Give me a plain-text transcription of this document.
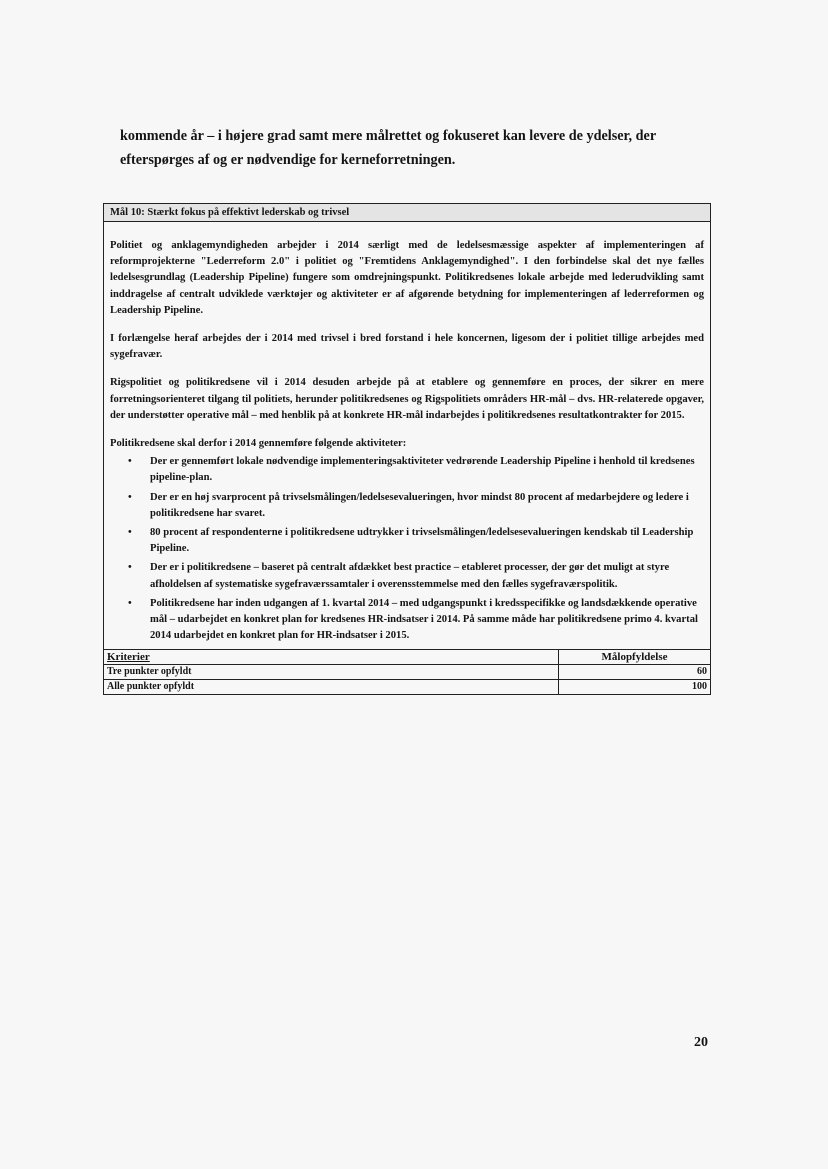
kommende år – i højere grad samt mere målrettet og fokuseret kan levere de ydelser, der efterspørges af og er nødvendige for kerneforretningen.
Mål 10: Stærkt fokus på effektivt lederskab og trivsel

Politiet og anklagemyndigheden arbejder i 2014 særligt med de ledelsesmæssige aspekter af implementeringen af reformprojekterne "Lederreform 2.0" i politiet og "Fremtidens Anklagemyndighed". I den forbindelse skal det nye fælles ledelsesgrundlag (Leadership Pipeline) fungere som omdrejningspunkt. Politikredsenes lokale arbejde med lederudvikling samt inddragelse af centralt udviklede værktøjer og aktiviteter er af afgørende betydning for implementeringen af lederreformen og Leadership Pipeline.

I forlængelse heraf arbejdes der i 2014 med trivsel i bred forstand i hele koncernen, ligesom der i politiet tillige arbejdes med sygefravær.

Rigspolitiet og politikredsene vil i 2014 desuden arbejde på at etablere og gennemføre en proces, der sikrer en mere forretningsorienteret tilgang til politiets, herunder politikredsenes og Rigspolitiets områders HR-mål – dvs. HR-relaterede opgaver, der understøtter operative mål – med henblik på at konkrete HR-mål indarbejdes i politikredsenes resultatkontrakter for 2015.

Politikredsene skal derfor i 2014 gennemføre følgende aktiviteter:

• Der er gennemført lokale nødvendige implementeringsaktiviteter vedrørende Leadership Pipeline i henhold til kredsenes pipeline-plan.
• Der er en høj svarprocent på trivselsmålingen/ledelsesevalueringen, hvor mindst 80 procent af medarbejdere og ledere i politikredsene har svaret.
• 80 procent af respondenterne i politikredsene udtrykker i trivselsmålingen/ledelsesevalueringen kendskab til Leadership Pipeline.
• Der er i politikredsene – baseret på centralt afdækket best practice – etableret processer, der gør det muligt at styre afholdelsen af systematiske sygefraværssamtaler i overensstemmelse med den fælles sygefraværspolitik.
• Politikredsene har inden udgangen af 1. kvartal 2014 – med udgangspunkt i kredsspecifikke og landsdækkende operative mål – udarbejdet en konkret plan for kredsenes HR-indsatser i 2014. På samme måde har politikredsene primo 4. kvartal 2014 udarbejdet en konkret plan for HR-indsatser i 2015.
Kriterier	Målopfyldelse
Tre punkter opfyldt	60
Alle punkter opfyldt	100
20
